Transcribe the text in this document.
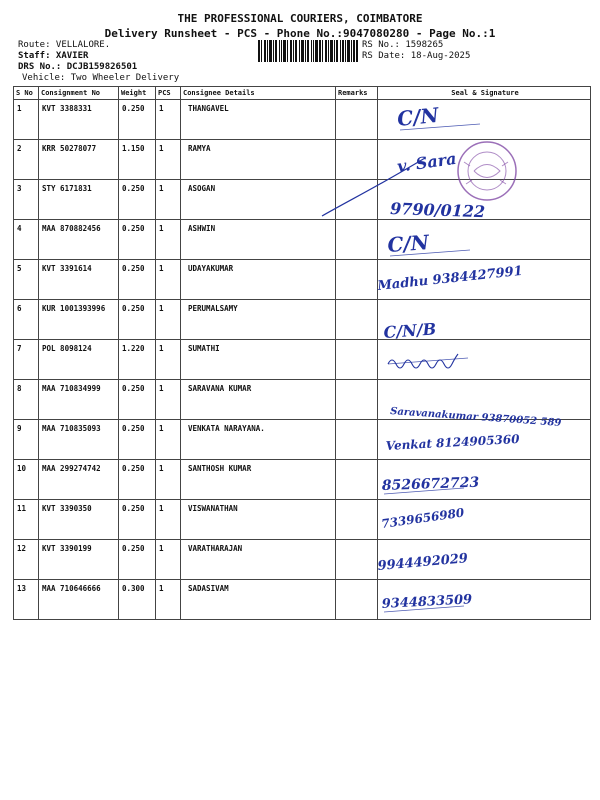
THE PROFESSIONAL COURIERS, COIMBATORE
Delivery Runsheet - PCS - Phone No.:9047080280 - Page No.:1
Route: VELLALORE.
Staff: XAVIER
DRS No.: DCJB159826501
Vehicle: Two Wheeler Delivery
RS No.: 1598265
RS Date: 18-Aug-2025
S No	Consignment No	Weight	PCS	Consignee Details	Remarks	Seal & Signature
1	KVT 3388331	0.250	1	THANGAVEL		C/N

2	KRR 50278077	1.150	1	RAMYA		v. Sara

3	STY 6171831	0.250	1	ASOGAN		9790/0122

4	MAA 870882456	0.250	1	ASHWIN		C/N

5	KVT 3391614	0.250	1	UDAYAKUMAR		Madhu 9384427991

6	KUR 1001393996	0.250	1	PERUMALSAMY		C/N/B

7	POL 8098124	1.220	1	SUMATHI		

8	MAA 710834999	0.250	1	SARAVANA KUMAR		Saravanakumar 93870052 589

9	MAA 710835093	0.250	1	VENKATA NARAYANA.		Venkat 8124905360

10	MAA 299274742	0.250	1	SANTHOSH KUMAR		8526672723

11	KVT 3390350	0.250	1	VISWANATHAN		7339656980

12	KVT 3390199	0.250	1	VARATHARAJAN		9944492029

13	MAA 710646666	0.300	1	SADASIVAM		9344833509
